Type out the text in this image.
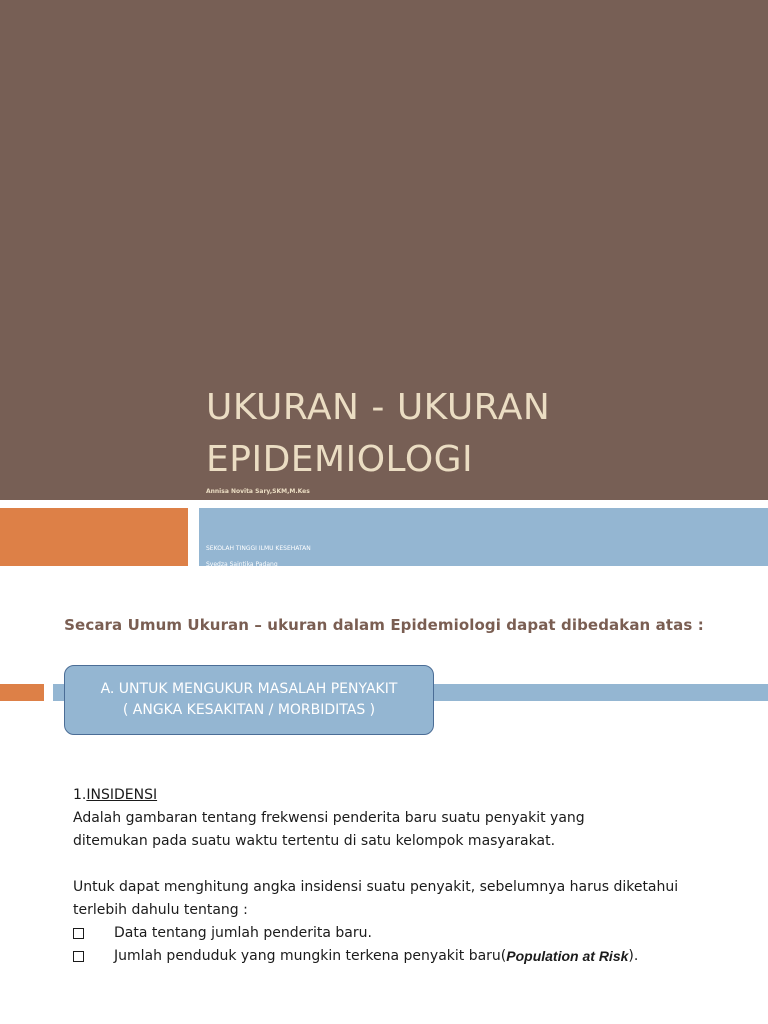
UKURAN - UKURAN
EPIDEMIOLOGI
Annisa Novita Sary,SKM,M.Kes
SEKOLAH TINGGI ILMU KESEHATAN
Syedza Saintika Padang
Secara Umum Ukuran – ukuran dalam Epidemiologi dapat dibedakan atas :
A. UNTUK MENGUKUR MASALAH PENYAKIT
( ANGKA KESAKITAN / MORBIDITAS )
1.INSIDENSI
Adalah gambaran tentang frekwensi penderita baru suatu penyakit yang
ditemukan pada suatu waktu tertentu di satu kelompok masyarakat.
Untuk dapat menghitung angka insidensi suatu penyakit, sebelumnya harus diketahui
terlebih dahulu tentang :
Data tentang jumlah penderita baru.
Jumlah penduduk yang mungkin terkena penyakit baru( Population at Risk ).
